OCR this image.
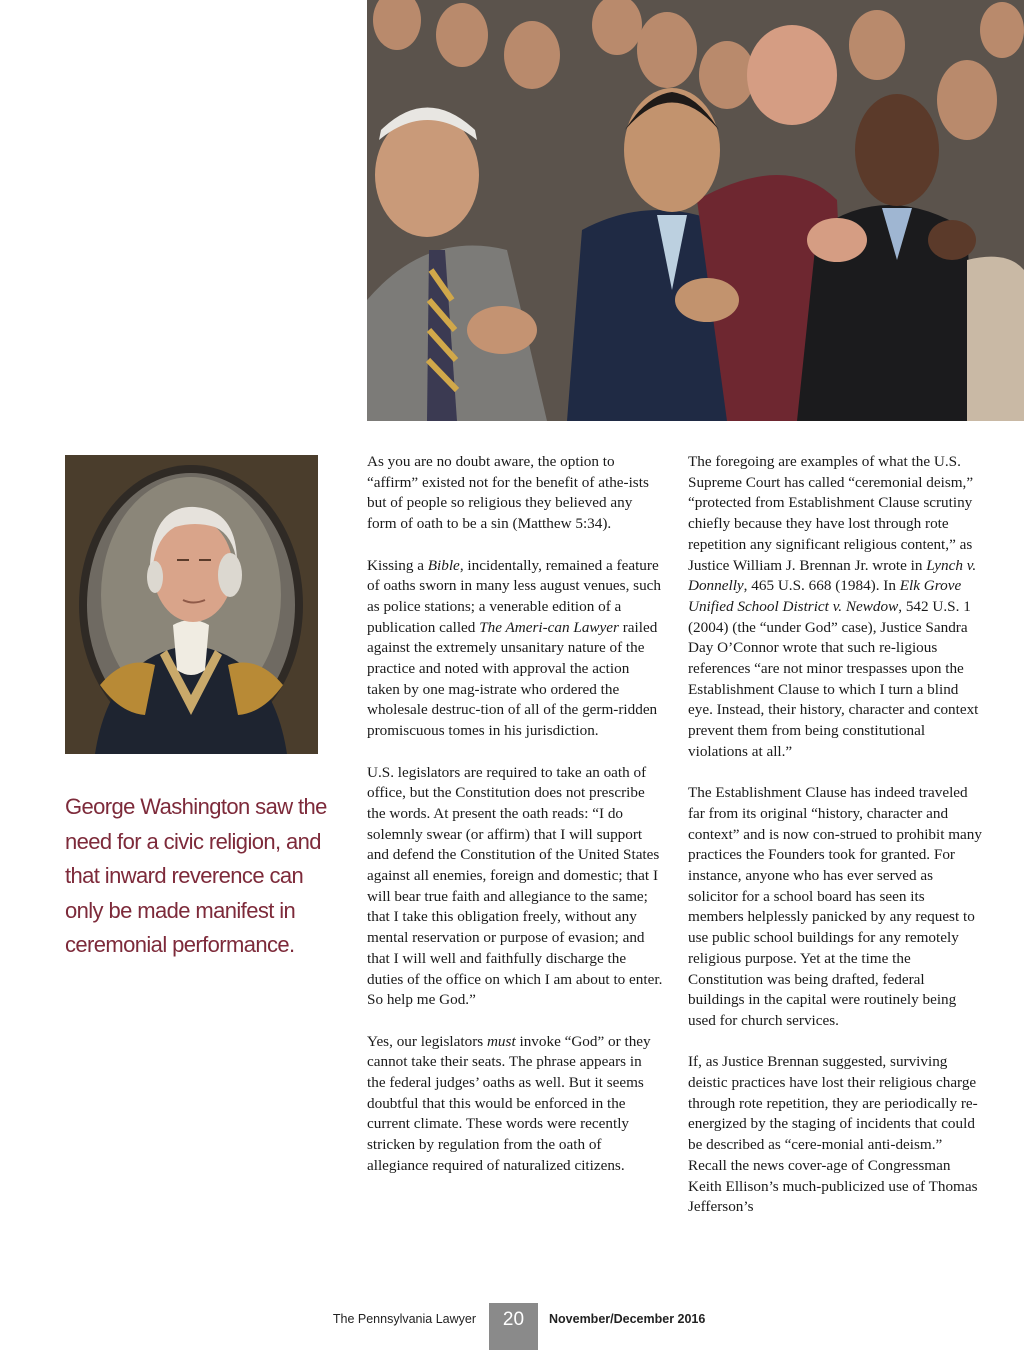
George Washington saw the need for a civic religion, and that inward reverence can only be made manifest in ceremonial performance.

As you are no doubt aware, the option to “affirm” existed not for the benefit of athe-ists but of people so religious they believed any form of oath to be a sin (Matthew 5:34).

Kissing a Bible, incidentally, remained a feature of oaths sworn in many less august venues, such as police stations; a venerable edition of a publication called The Ameri-can Lawyer railed against the extremely unsanitary nature of the practice and noted with approval the action taken by one mag-istrate who ordered the wholesale destruc-tion of all of the germ-ridden promiscuous tomes in his jurisdiction.

U.S. legislators are required to take an oath of office, but the Constitution does not prescribe the words. At present the oath reads: “I do solemnly swear (or affirm) that I will support and defend the Constitution of the United States against all enemies, foreign and domestic; that I will bear true faith and allegiance to the same; that I take this obligation freely, without any mental reservation or purpose of evasion; and that I will well and faithfully discharge the duties of the office on which I am about to enter. So help me God.”

Yes, our legislators must invoke “God” or they cannot take their seats. The phrase appears in the federal judges’ oaths as well. But it seems doubtful that this would be enforced in the current climate. These words were recently stricken by regulation from the oath of allegiance required of naturalized citizens.

The foregoing are examples of what the U.S. Supreme Court has called “ceremonial deism,” “protected from Establishment Clause scrutiny chiefly because they have lost through rote repetition any significant religious content,” as Justice William J. Brennan Jr. wrote in Lynch v. Donnelly, 465 U.S. 668 (1984). In Elk Grove Unified School District v. Newdow, 542 U.S. 1 (2004) (the “under God” case), Justice Sandra Day O’Connor wrote that such re-ligious references “are not minor trespasses upon the Establishment Clause to which I turn a blind eye. Instead, their history, character and context prevent them from being constitutional violations at all.”

The Establishment Clause has indeed traveled far from its original “history, character and context” and is now con-strued to prohibit many practices the Founders took for granted. For instance, anyone who has ever served as solicitor for a school board has seen its members helplessly panicked by any request to use public school buildings for any remotely religious purpose. Yet at the time the Constitution was being drafted, federal buildings in the capital were routinely being used for church services.

If, as Justice Brennan suggested, surviving deistic practices have lost their religious charge through rote repetition, they are periodically re-energized by the staging of incidents that could be described as “cere-monial anti-deism.” Recall the news cover-age of Congressman Keith Ellison’s much-publicized use of Thomas Jefferson’s

The Pennsylvania Lawyer	20	November/December 2016
